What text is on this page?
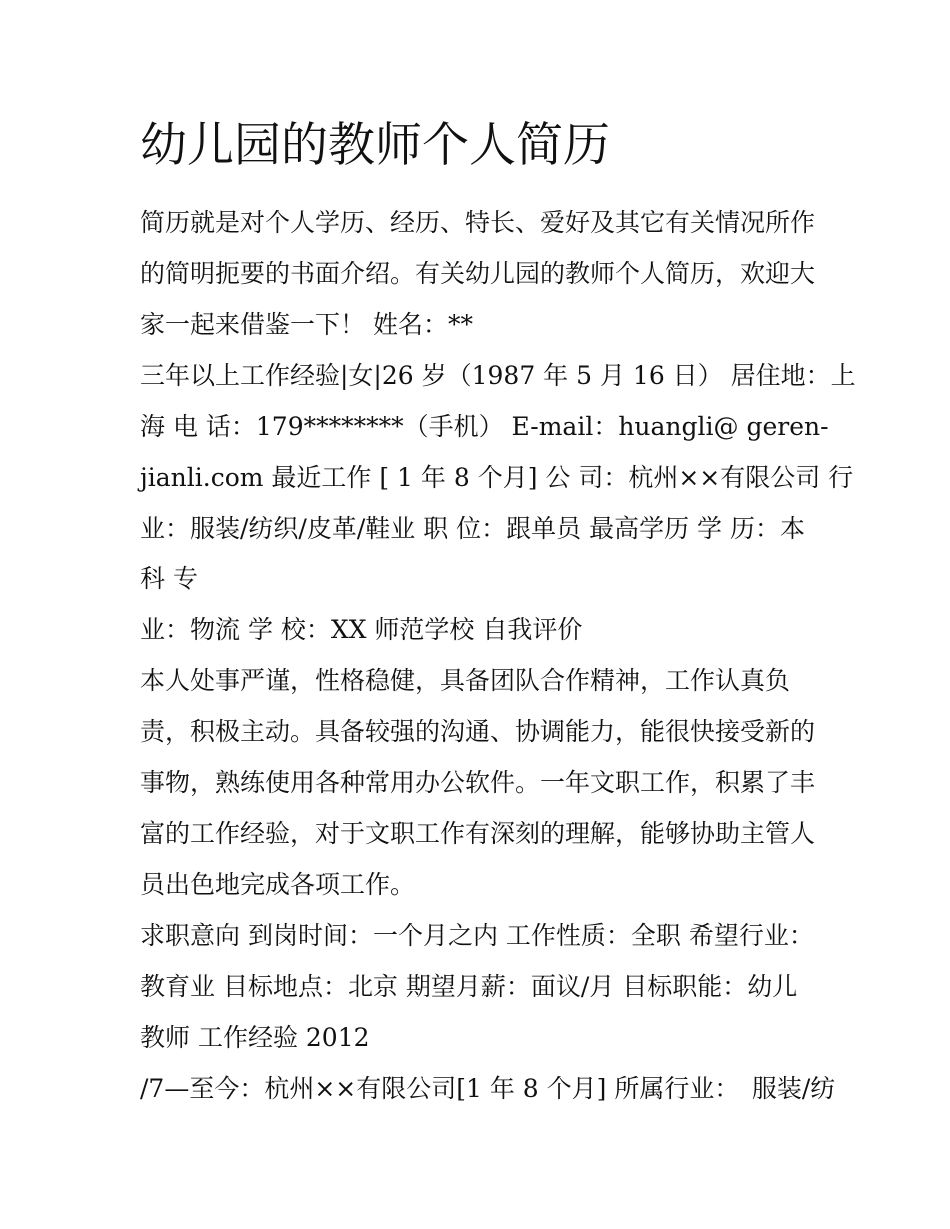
幼儿园的教师个人简历
简历就是对个人学历、经历、特长、爱好及其它有关情况所作
的简明扼要的书面介绍。有关幼儿园的教师个人简历，欢迎大
家一起来借鉴一下！ 姓名：**
三年以上工作经验|女|26 岁（1987 年 5 月 16 日） 居住地：上
海 电 话：179********（手机） E-mail：huangli@ geren-
jianli.com 最近工作 [ 1 年 8 个月] 公 司：杭州××有限公司 行
业：服装/纺织/皮革/鞋业 职 位：跟单员 最高学历 学 历：本
科 专
业：物流 学 校：XX 师范学校 自我评价
本人处事严谨，性格稳健，具备团队合作精神，工作认真负
责，积极主动。具备较强的沟通、协调能力，能很快接受新的
事物，熟练使用各种常用办公软件。一年文职工作，积累了丰
富的工作经验，对于文职工作有深刻的理解，能够协助主管人
员出色地完成各项工作。
求职意向 到岗时间：一个月之内 工作性质：全职 希望行业：
教育业 目标地点：北京 期望月薪：面议/月 目标职能：幼儿
教师 工作经验 2012
/7—至今：杭州××有限公司[1 年 8 个月] 所属行业：　服装/纺
